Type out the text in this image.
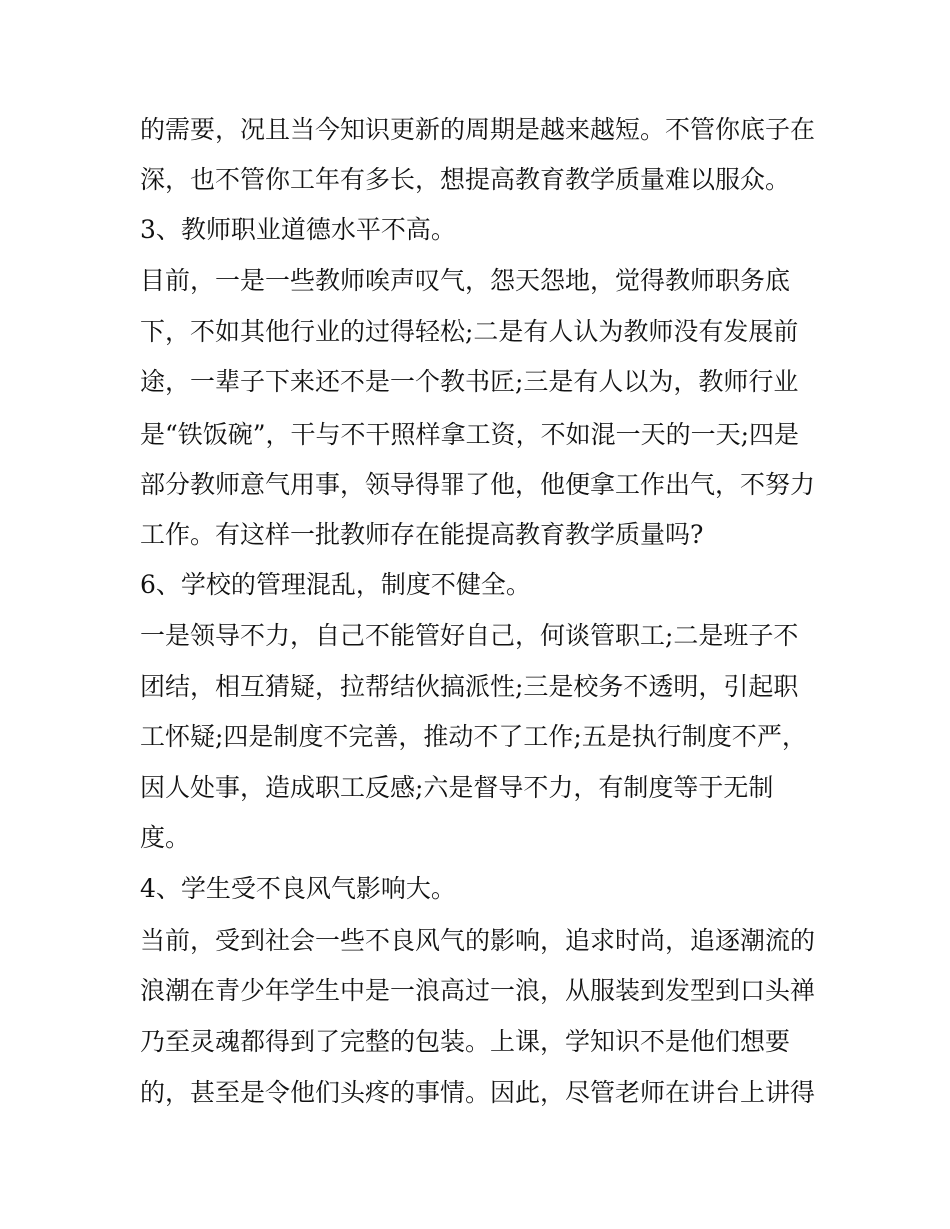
的需要，况且当今知识更新的周期是越来越短。不管你底子在
深，也不管你工年有多长，想提高教育教学质量难以服众。
3、教师职业道德水平不高。
目前，一是一些教师唉声叹气，怨天怨地，觉得教师职务底
下，不如其他行业的过得轻松;二是有人认为教师没有发展前
途，一辈子下来还不是一个教书匠;三是有人以为，教师行业
是“铁饭碗”，干与不干照样拿工资，不如混一天的一天;四是
部分教师意气用事，领导得罪了他，他便拿工作出气，不努力
工作。有这样一批教师存在能提高教育教学质量吗?
6、学校的管理混乱，制度不健全。
一是领导不力，自己不能管好自己，何谈管职工;二是班子不
团结，相互猜疑，拉帮结伙搞派性;三是校务不透明，引起职
工怀疑;四是制度不完善，推动不了工作;五是执行制度不严，
因人处事，造成职工反感;六是督导不力，有制度等于无制
度。
4、学生受不良风气影响大。
当前，受到社会一些不良风气的影响，追求时尚，追逐潮流的
浪潮在青少年学生中是一浪高过一浪，从服装到发型到口头禅
乃至灵魂都得到了完整的包装。上课，学知识不是他们想要
的，甚至是令他们头疼的事情。因此，尽管老师在讲台上讲得
